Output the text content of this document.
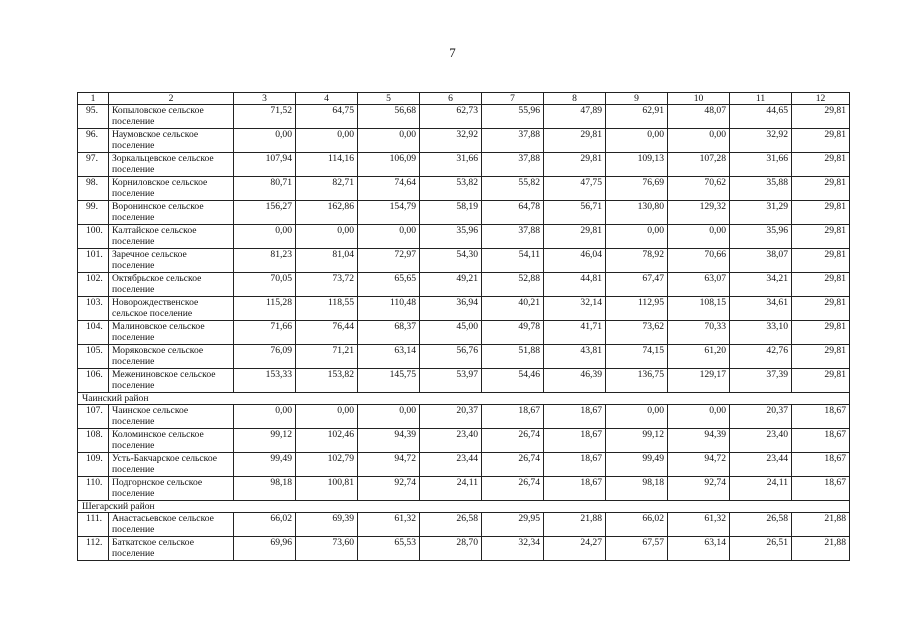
7
1	2	3	4	5	6	7	8	9	10	11	12
95.	Копыловское сельское поселение	71,52	64,75	56,68	62,73	55,96	47,89	62,91	48,07	44,65	29,81
96.	Наумовское сельское поселение	0,00	0,00	0,00	32,92	37,88	29,81	0,00	0,00	32,92	29,81
97.	Зоркальцевское сельское поселение	107,94	114,16	106,09	31,66	37,88	29,81	109,13	107,28	31,66	29,81
98.	Корниловское сельское поселение	80,71	82,71	74,64	53,82	55,82	47,75	76,69	70,62	35,88	29,81
99.	Воронинское сельское поселение	156,27	162,86	154,79	58,19	64,78	56,71	130,80	129,32	31,29	29,81
100.	Калтайское сельское поселение	0,00	0,00	0,00	35,96	37,88	29,81	0,00	0,00	35,96	29,81
101.	Заречное сельское поселение	81,23	81,04	72,97	54,30	54,11	46,04	78,92	70,66	38,07	29,81
102.	Октябрьское сельское поселение	70,05	73,72	65,65	49,21	52,88	44,81	67,47	63,07	34,21	29,81
103.	Новорождественское сельское поселение	115,28	118,55	110,48	36,94	40,21	32,14	112,95	108,15	34,61	29,81
104.	Малиновское сельское поселение	71,66	76,44	68,37	45,00	49,78	41,71	73,62	70,33	33,10	29,81
105.	Моряковское сельское поселение	76,09	71,21	63,14	56,76	51,88	43,81	74,15	61,20	42,76	29,81
106.	Межениновское сельское поселение	153,33	153,82	145,75	53,97	54,46	46,39	136,75	129,17	37,39	29,81
Чаинский район											
107.	Чаинское сельское поселение	0,00	0,00	0,00	20,37	18,67	18,67	0,00	0,00	20,37	18,67
108.	Коломинское сельское поселение	99,12	102,46	94,39	23,40	26,74	18,67	99,12	94,39	23,40	18,67
109.	Усть-Бакчарское сельское поселение	99,49	102,79	94,72	23,44	26,74	18,67	99,49	94,72	23,44	18,67
110.	Подгорнское сельское поселение	98,18	100,81	92,74	24,11	26,74	18,67	98,18	92,74	24,11	18,67
Шегарский район											
111.	Анастасьевское сельское поселение	66,02	69,39	61,32	26,58	29,95	21,88	66,02	61,32	26,58	21,88
112.	Баткатское сельское поселение	69,96	73,60	65,53	28,70	32,34	24,27	67,57	63,14	26,51	21,88
